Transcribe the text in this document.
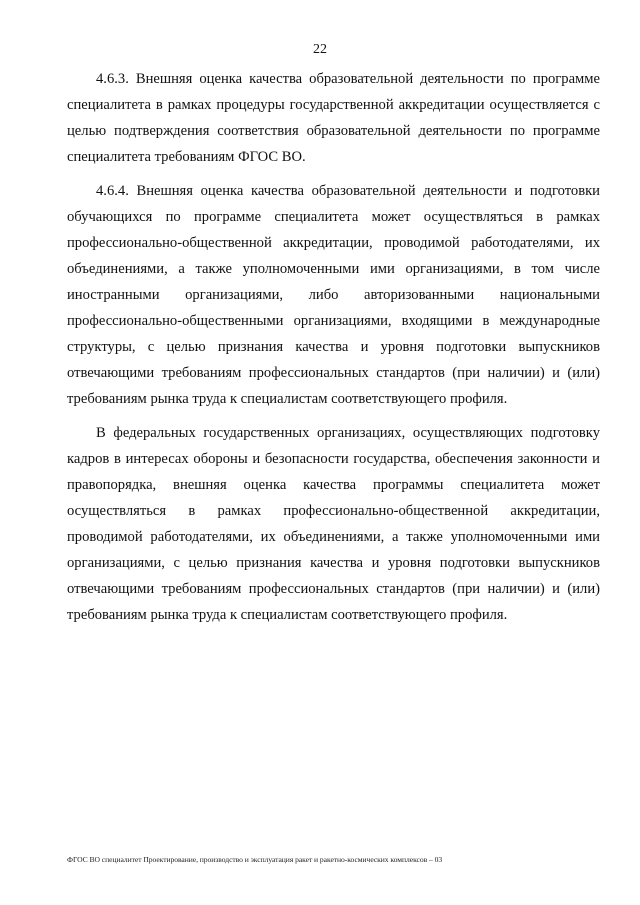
22

4.6.3. Внешняя оценка качества образовательной деятельности по программе специалитета в рамках процедуры государственной аккредитации осуществляется с целью подтверждения соответствия образовательной деятельности по программе специалитета требованиям ФГОС ВО.

4.6.4. Внешняя оценка качества образовательной деятельности и подготовки обучающихся по программе специалитета может осуществляться в рамках профессионально-общественной аккредитации, проводимой работодателями, их объединениями, а также уполномоченными ими организациями, в том числе иностранными организациями, либо авторизованными национальными профессионально-общественными организациями, входящими в международные структуры, с целью признания качества и уровня подготовки выпускников отвечающими требованиям профессиональных стандартов (при наличии) и (или) требованиям рынка труда к специалистам соответствующего профиля.

В федеральных государственных организациях, осуществляющих подготовку кадров в интересах обороны и безопасности государства, обеспечения законности и правопорядка, внешняя оценка качества программы специалитета может осуществляться в рамках профессионально-общественной аккредитации, проводимой работодателями, их объединениями, а также уполномоченными ими организациями, с целью признания качества и уровня подготовки выпускников отвечающими требованиям профессиональных стандартов (при наличии) и (или) требованиям рынка труда к специалистам соответствующего профиля.

ФГОС ВО специалитет Проектирование, производство и эксплуатация ракет и ракетно-космических комплексов – 03
